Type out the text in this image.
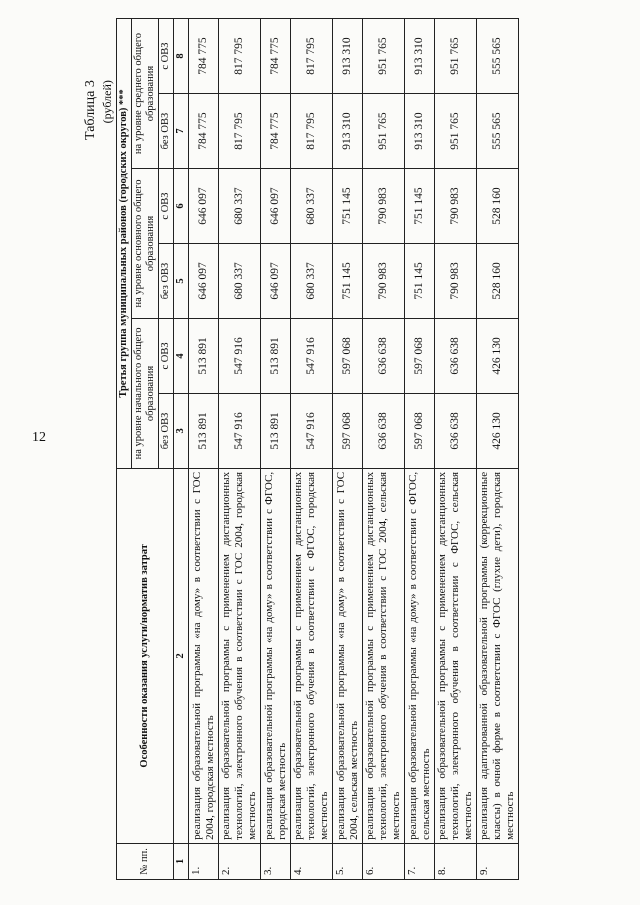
12
Таблица 3 (рублей)
№ пп.	Особенности оказания услуги/норматив затрат	Третья группа муниципальных районов (городских округов) ***					
		на уровне начального общего образования		на уровне основного общего образования		на уровне среднего общего образования	
		без ОВЗ	с ОВЗ	без ОВЗ	с ОВЗ	без ОВЗ	с ОВЗ
1	2	3	4	5	6	7	8
1.	реализация образовательной программы «на дому» в соответствии с ГОС 2004, городская местность	513 891	513 891	646 097	646 097	784 775	784 775
2.	реализация образовательной программы с применением дистанционных технологий, электронного обучения в соответствии с ГОС 2004, городская местность	547 916	547 916	680 337	680 337	817 795	817 795
3.	реализация образовательной программы «на дому» в соответствии с ФГОС, городская местность	513 891	513 891	646 097	646 097	784 775	784 775
4.	реализация образовательной программы с применением дистанционных технологий, электронного обучения в соответствии с ФГОС, городская местность	547 916	547 916	680 337	680 337	817 795	817 795
5.	реализация образовательной программы «на дому» в соответствии с ГОС 2004, сельская местность	597 068	597 068	751 145	751 145	913 310	913 310
6.	реализация образовательной программы с применением дистанционных технологий, электронного обучения в соответствии с ГОС 2004, сельская местность	636 638	636 638	790 983	790 983	951 765	951 765
7.	реализация образовательной программы «на дому» в соответствии с ФГОС, сельская местность	597 068	597 068	751 145	751 145	913 310	913 310
8.	реализация образовательной программы с применением дистанционных технологий, электронного обучения в соответствии с ФГОС, сельская местность	636 638	636 638	790 983	790 983	951 765	951 765
9.	реализация адаптированной образовательной программы (коррекционные классы) в очной форме в соответствии с ФГОС (глухие дети), городская местность	426 130	426 130	528 160	528 160	555 565	555 565
